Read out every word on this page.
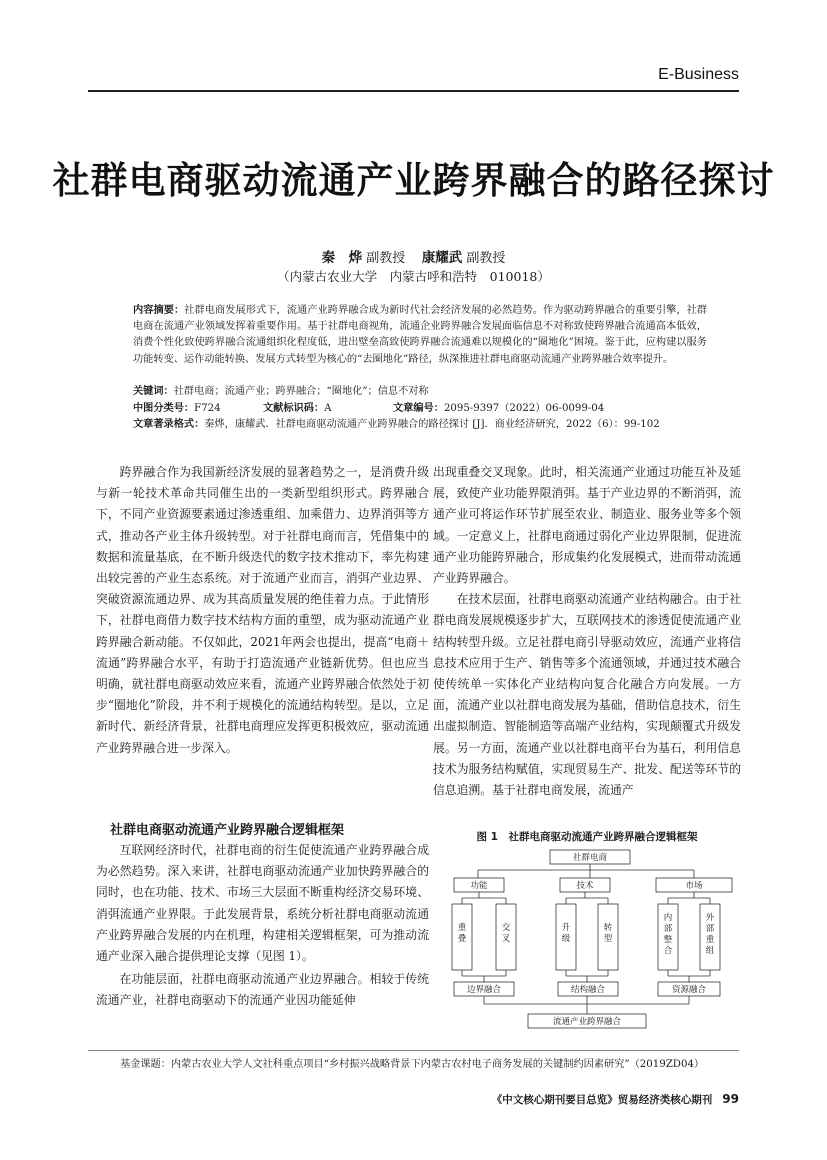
E-Business
社群电商驱动流通产业跨界融合的路径探讨
秦　烨 副教授 康耀武 副教授
（内蒙古农业大学　内蒙古呼和浩特　010018）
内容摘要：社群电商发展形式下，流通产业跨界融合成为新时代社会经济发展的必然趋势。作为驱动跨界融合的重要引擎，社群电商在流通产业领域发挥着重要作用。基于社群电商视角，流通企业跨界融合发展面临信息不对称致使跨界融合流通高本低效，消费个性化致使跨界融合流通组织化程度低，进出壁垒高致使跨界融合流通难以规模化的“圈地化”困境。鉴于此，应构建以服务功能转变、运作动能转换、发展方式转型为核心的“去圈地化”路径，纵深推进社群电商驱动流通产业跨界融合效率提升。
关键词：社群电商；流通产业；跨界融合；“圈地化”；信息不对称
中图分类号：F724	文献标识码：A	文章编号：2095-9397（2022）06-0099-04
文章著录格式：秦烨，康耀武．社群电商驱动流通产业跨界融合的路径探讨 [J]．商业经济研究，2022（6）：99-102

跨界融合作为我国新经济发展的显著趋势之一，是消费升级与新一轮技术革命共同催生出的一类新型组织形式。跨界融合下，不同产业资源要素通过渗透重组、加乘借力、边界消弭等方式，推动各产业主体升级转型。对于社群电商而言，凭借集中的数据和流量基底，在不断升级迭代的数字技术推动下，率先构建出较完善的产业生态系统。对于流通产业而言，消弭产业边界、突破资源流通边界、成为其高质量发展的绝佳着力点。于此情形下，社群电商借力数字技术结构方面的重塑，成为驱动流通产业跨界融合新动能。不仅如此，2021年两会也提出，提高“电商＋流通”跨界融合水平，有助于打造流通产业链新优势。但也应当明确，就社群电商驱动效应来看，流通产业跨界融合依然处于初步“圈地化”阶段，并不利于规模化的流通结构转型。是以，立足新时代、新经济背景，社群电商理应发挥更积极效应，驱动流通产业跨界融合进一步深入。

社群电商驱动流通产业跨界融合逻辑框架

互联网经济时代，社群电商的衍生促使流通产业跨界融合成为必然趋势。深入来讲，社群电商驱动流通产业加快跨界融合的同时，也在功能、技术、市场三大层面不断重构经济交易环境、消弭流通产业界限。于此发展背景，系统分析社群电商驱动流通产业跨界融合发展的内在机理，构建相关逻辑框架，可为推动流通产业深入融合提供理论支撑（见图 1）。

在功能层面，社群电商驱动流通产业边界融合。相较于传统流通产业，社群电商驱动下的流通产业因功能延伸

出现重叠交叉现象。此时，相关流通产业通过功能互补及延展，致使产业功能界限消弭。基于产业边界的不断消弭，流通产业可将运作环节扩展至农业、制造业、服务业等多个领域。一定意义上，社群电商通过弱化产业边界限制，促进流通产业功能跨界融合，形成集约化发展模式，进而带动流通产业跨界融合。

在技术层面，社群电商驱动流通产业结构融合。由于社群电商发展规模逐步扩大，互联网技术的渗透促使流通产业结构转型升级。立足社群电商引导驱动效应，流通产业将信息技术应用于生产、销售等多个流通领域，并通过技术融合使传统单一实体化产业结构向复合化融合方向发展。一方面，流通产业以社群电商发展为基础，借助信息技术，衍生出虚拟制造、智能制造等高端产业结构，实现颠覆式升级发展。另一方面，流通产业以社群电商平台为基石，利用信息技术为服务结构赋值，实现贸易生产、批发、配送等环节的信息追溯。基于社群电商发展，流通产

图 1　社群电商驱动流通产业跨界融合逻辑框架
社群电商
功能	技术	市场
边界融合	结构融合	资源融合
流通产业跨界融合
重叠
交叉
升级
转型
内部整合
外部重组
基金课题：内蒙古农业大学人文社科重点项目“乡村振兴战略背景下内蒙古农村电子商务发展的关键制约因素研究”（2019ZD04）
《中文核心期刊要目总览》贸易经济类核心期刊 99
